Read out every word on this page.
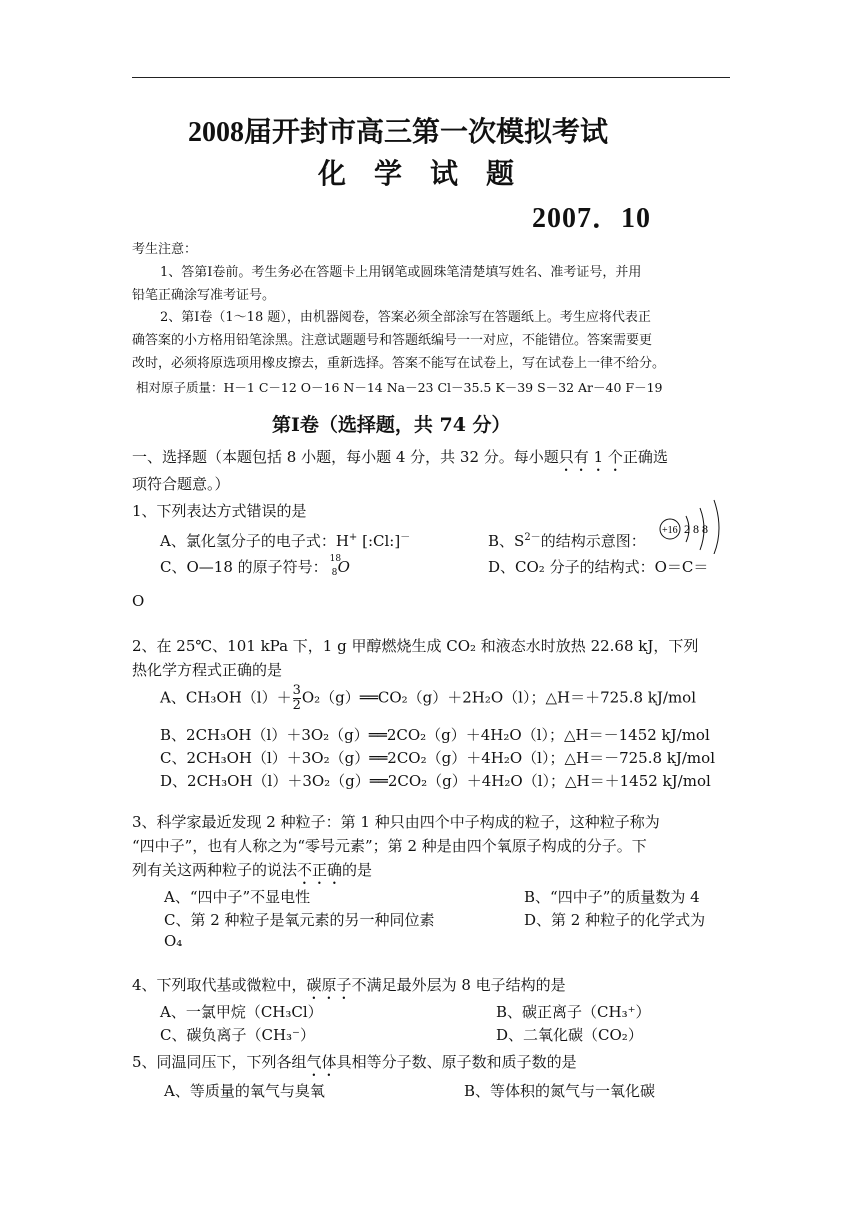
2008届开封市高三第一次模拟考试
化　学　试　题
2007．10
考生注意：
1、答第Ⅰ卷前。考生务必在答题卡上用钢笔或圆珠笔清楚填写姓名、准考证号，并用
铅笔正确涂写准考证号。
2、第Ⅰ卷（1～18 题），由机器阅卷，答案必须全部涂写在答题纸上。考生应将代表正
确答案的小方格用铅笔涂黑。注意试题题号和答题纸编号一一对应，不能错位。答案需要更
改时，必须将原选项用橡皮擦去，重新选择。答案不能写在试卷上，写在试卷上一律不给分。
相对原子质量：H－1 C－12 O－16 N－14 Na－23 Cl－35.5 K－39 S－32 Ar－40 F－19
第Ⅰ卷（选择题，共 74 分）
一、选择题（本题包括 8 小题，每小题 4 分，共 32 分。每小题只有 1 个正确选
项符合题意。）
1、下列表达方式错误的是
A、氯化氢分子的电子式：H+ [:Cl:]－	B、$S^{2-}$的结构示意图：
+16 2 8 8
C、O—18 的原子符号： 18
8 O	D、CO₂ 分子的结构式：O＝C＝
O
2、在 25℃、101 kPa 下，1 g 甲醇燃烧生成 CO₂ 和液态水时放热 22.68 kJ，下列
热化学方程式正确的是
A、$CH_3OH(l)+ \frac{3}{2}$ O₂（g）══CO₂（g）＋2H₂O（l）；△H＝＋725.8 kJ/mol
B、2CH₃OH（l）＋3O₂（g）══2CO₂（g）＋4H₂O（l）；△H＝－1452 kJ/mol
C、2CH₃OH（l）＋3O₂（g）══2CO₂（g）＋4H₂O（l）；△H＝－725.8 kJ/mol
D、2CH₃OH（l）＋3O₂（g）══2CO₂（g）＋4H₂O（l）；△H＝＋1452 kJ/mol
3、科学家最近发现 2 种粒子：第 1 种只由四个中子构成的粒子，这种粒子称为
“四中子”，也有人称之为“零号元素”；第 2 种是由四个氧原子构成的分子。下
列有关这两种粒子的说法不正确的是
A、“四中子”不显电性	B、“四中子”的质量数为 4
C、第 2 种粒子是氧元素的另一种同位素	D、第 2 种粒子的化学式为
O₄
4、下列取代基或微粒中，碳原子不满足最外层为 8 电子结构的是
A、一氯甲烷（CH₃Cl）	B、碳正离子（CH₃⁺）
C、碳负离子（CH₃⁻）	D、二氧化碳（CO₂）
5、同温同压下，下列各组气体具相等分子数、原子数和质子数的是
A、等质量的氧气与臭氧	B、等体积的氮气与一氧化碳
